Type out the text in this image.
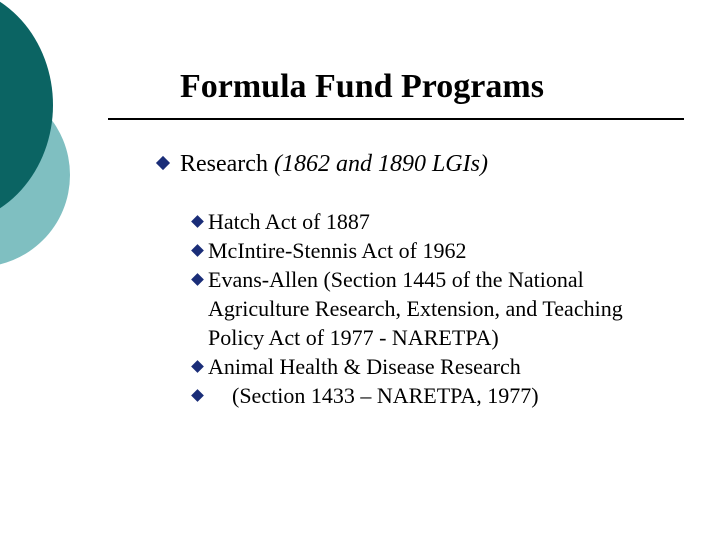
Formula Fund Programs
Research (1862 and 1890 LGIs)
Hatch Act of 1887
McIntire-Stennis Act of 1962
Evans-Allen (Section 1445 of the National Agriculture Research, Extension, and Teaching Policy Act of 1977 - NARETPA)
Animal Health & Disease Research
(Section 1433 – NARETPA, 1977)
